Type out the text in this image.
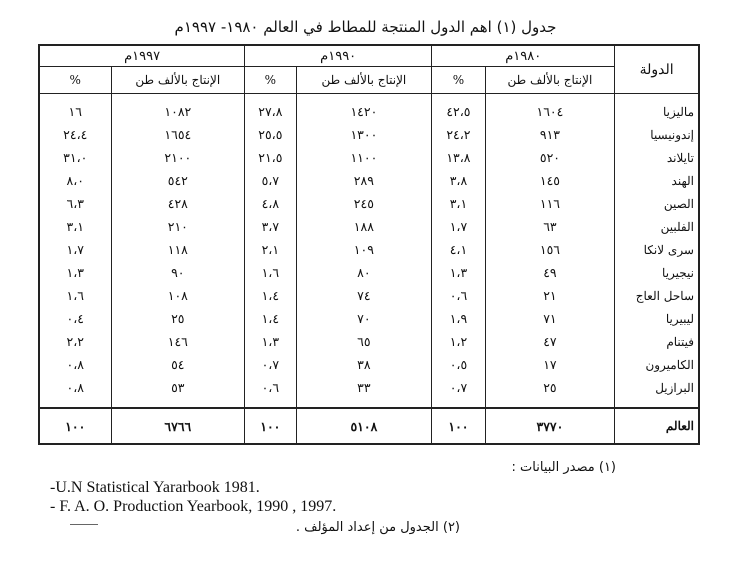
جدول (١) اهم الدول المنتجة للمطاط في العالم ١٩٨٠- ١٩٩٧م
الدولة	١٩٨٠م		١٩٩٠م		١٩٩٧م	
	الإنتاج بالألف طن	%	الإنتاج بالألف طن	%	الإنتاج بالألف طن	%
ماليزيا	١٦٠٤	٤٢،٥	١٤٢٠	٢٧،٨	١٠٨٢	١٦
إندونيسيا	٩١٣	٢٤،٢	١٣٠٠	٢٥،٥	١٦٥٤	٢٤،٤
تايلاند	٥٢٠	١٣،٨	١١٠٠	٢١،٥	٢١٠٠	٣١،٠
الهند	١٤٥	٣،٨	٢٨٩	٥،٧	٥٤٢	٨،٠
الصين	١١٦	٣،١	٢٤٥	٤،٨	٤٢٨	٦،٣
الفلبين	٦٣	١،٧	١٨٨	٣،٧	٢١٠	٣،١
سرى لانكا	١٥٦	٤،١	١٠٩	٢،١	١١٨	١،٧
نيجيريا	٤٩	١،٣	٨٠	١،٦	٩٠	١،٣
ساحل العاج	٢١	٠،٦	٧٤	١،٤	١٠٨	١،٦
ليبيريا	٧١	١،٩	٧٠	١،٤	٢٥	٠،٤
فيتنام	٤٧	١،٢	٦٥	١،٣	١٤٦	٢،٢
الكاميرون	١٧	٠،٥	٣٨	٠،٧	٥٤	٠،٨
البرازيل	٢٥	٠،٧	٣٣	٠،٦	٥٣	٠،٨

العالم	٣٧٧٠	١٠٠	٥١٠٨	١٠٠	٦٧٦٦	١٠٠
(١) مصدر البيانات :
-U.N Statistical Yararbook 1981.
- F. A. O. Production Yearbook, 1990 , 1997.
(٢) الجدول من إعداد المؤلف .
